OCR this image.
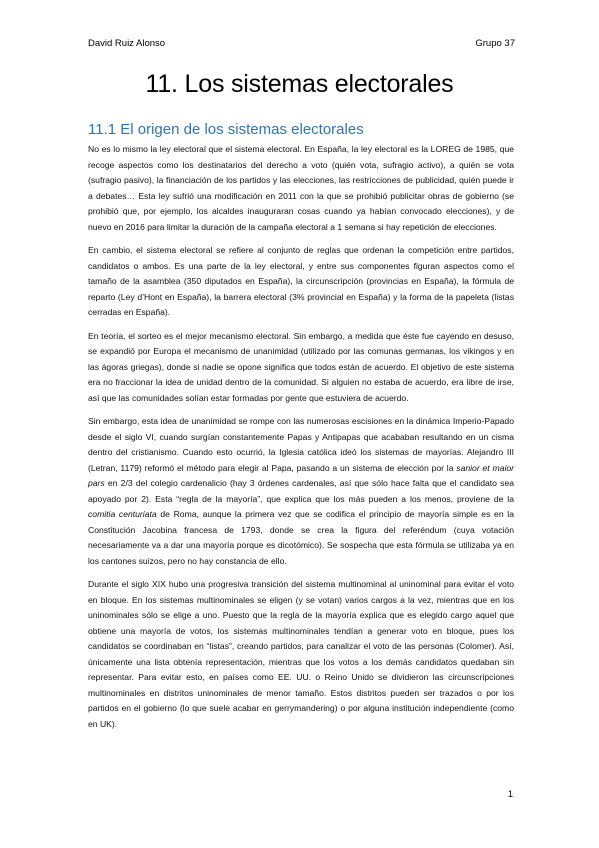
David Ruiz Alonso	Grupo 37
11. Los sistemas electorales
11.1 El origen de los sistemas electorales

No es lo mismo la ley electoral que el sistema electoral. En España, la ley electoral es la LOREG de 1985, que recoge aspectos como los destinatarios del derecho a voto (quién vota, sufragio activo), a quién se vota (sufragio pasivo), la financiación de los partidos y las elecciones, las restricciones de publicidad, quién puede ir a debates… Esta ley sufrió una modificación en 2011 con la que se prohibió publicitar obras de gobierno (se prohibió que, por ejemplo, los alcaldes inauguraran cosas cuando ya habían convocado elecciones), y de nuevo en 2016 para limitar la duración de la campaña electoral a 1 semana si hay repetición de elecciones.

En cambio, el sistema electoral se refiere al conjunto de reglas que ordenan la competición entre partidos, candidatos o ambos. Es una parte de la ley electoral, y entre sus componentes figuran aspectos como el tamaño de la asamblea (350 diputados en España), la circunscripción (provincias en España), la fórmula de reparto (Ley d’Hont en España), la barrera electoral (3% provincial en España) y la forma de la papeleta (listas cerradas en España).

En teoría, el sorteo es el mejor mecanismo electoral. Sin embargo, a medida que éste fue cayendo en desuso, se expandió por Europa el mecanismo de unanimidad (utilizado por las comunas germanas, los vikingos y en las ágoras griegas), donde si nadie se opone significa que todos están de acuerdo. El objetivo de este sistema era no fraccionar la idea de unidad dentro de la comunidad. Si alguien no estaba de acuerdo, era libre de irse, así que las comunidades solían estar formadas por gente que estuviera de acuerdo.

Sin embargo, esta idea de unanimidad se rompe con las numerosas escisiones en la dinámica Imperio-Papado desde el siglo VI, cuando surgían constantemente Papas y Antipapas que acababan resultando en un cisma dentro del cristianismo. Cuando esto ocurrió, la Iglesia católica ideó los sistemas de mayorías. Alejandro III (Letran, 1179) reformó el método para elegir al Papa, pasando a un sistema de elección por la sanior et maior pars en 2/3 del colegio cardenalicio (hay 3 órdenes cardenales, así que sólo hace falta que el candidato sea apoyado por 2). Esta “regla de la mayoría”, que explica que los más pueden a los menos, proviene de la comitia centuriata de Roma, aunque la primera vez que se codifica el principio de mayoría simple es en la Constitución Jacobina francesa de 1793, donde se crea la figura del referéndum (cuya votación necesariamente va a dar una mayoría porque es dicotómico). Se sospecha que esta fórmula se utilizaba ya en los cantones suizos, pero no hay constancia de ello.

Durante el siglo XIX hubo una progresiva transición del sistema multinominal al uninominal para evitar el voto en bloque. En los sistemas multinominales se eligen (y se votan) varios cargos a la vez, mientras que en los uninominales sólo se elige a uno. Puesto que la regla de la mayoría explica que es elegido cargo aquel que obtiene una mayoría de votos, los sistemas multinominales tendían a generar voto en bloque, pues los candidatos se coordinaban en “listas”, creando partidos, para canalizar el voto de las personas (Colomer). Así, únicamente una lista obtenía representación, mientras que los votos a los demás candidatos quedaban sin representar. Para evitar esto, en países como EE. UU. o Reino Unido se dividieron las circunscripciones multinominales en distritos uninominales de menor tamaño. Estos distritos pueden ser trazados o por los partidos en el gobierno (lo que suele acabar en gerrymandering) o por alguna institución independiente (como en UK).

1
